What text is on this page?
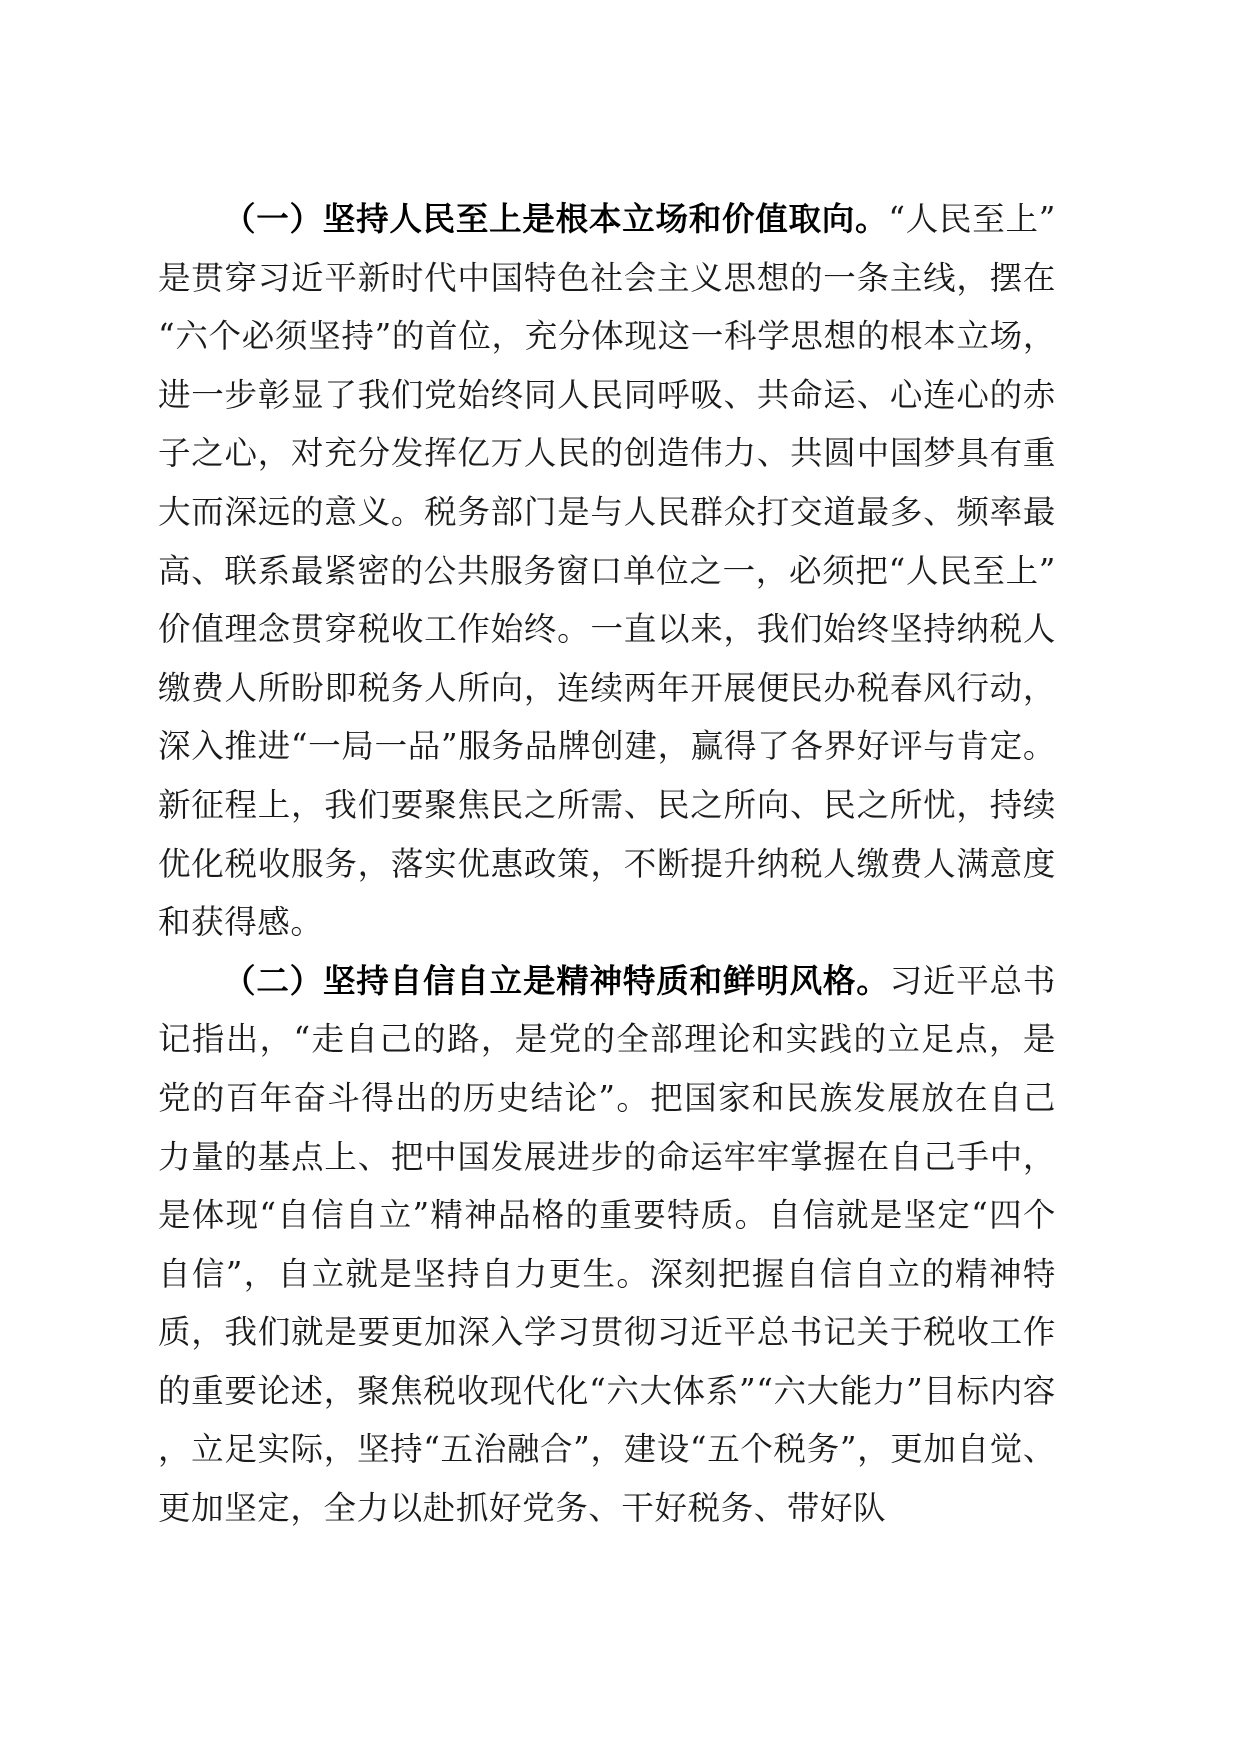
（一）坚持人民至上是根本立场和价值取向。“人民至上”是贯穿习近平新时代中国特色社会主义思想的一条主线，摆在“六个必须坚持”的首位，充分体现这一科学思想的根本立场，进一步彰显了我们党始终同人民同呼吸、共命运、心连心的赤子之心，对充分发挥亿万人民的创造伟力、共圆中国梦具有重大而深远的意义。税务部门是与人民群众打交道最多、频率最高、联系最紧密的公共服务窗口单位之一，必须把“人民至上”价值理念贯穿税收工作始终。一直以来，我们始终坚持纳税人缴费人所盼即税务人所向，连续两年开展便民办税春风行动，深入推进“一局一品”服务品牌创建，赢得了各界好评与肯定。新征程上，我们要聚焦民之所需、民之所向、民之所忧，持续优化税收服务，落实优惠政策，不断提升纳税人缴费人满意度和获得感。

（二）坚持自信自立是精神特质和鲜明风格。习近平总书记指出，“走自己的路，是党的全部理论和实践的立足点，是党的百年奋斗得出的历史结论”。把国家和民族发展放在自己力量的基点上、把中国发展进步的命运牢牢掌握在自己手中，是体现“自信自立”精神品格的重要特质。自信就是坚定“四个自信”，自立就是坚持自力更生。深刻把握自信自立的精神特质，我们就是要更加深入学习贯彻习近平总书记关于税收工作的重要论述，聚焦税收现代化“六大体系”“六大能力”目标内容，立足实际，坚持“五治融合”，建设“五个税务”，更加自觉、更加坚定，全力以赴抓好党务、干好税务、带好队
